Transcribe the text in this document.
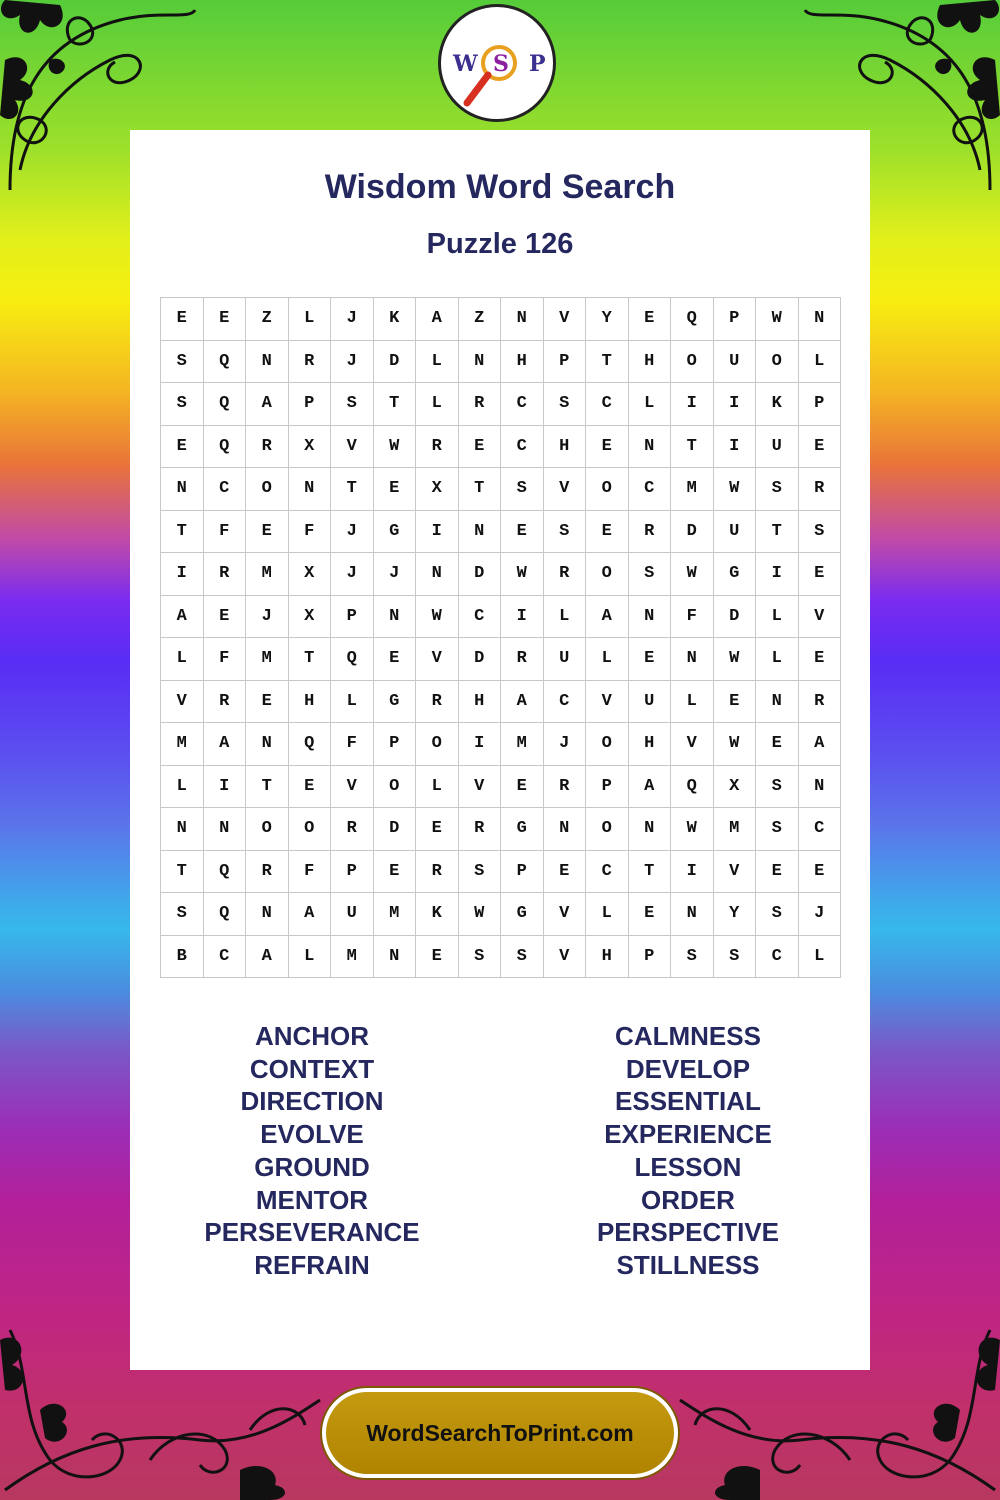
W S P
Wisdom Word Search
Puzzle 126
E	E	Z	L	J	K	A	Z	N	V	Y	E	Q	P	W	N
S	Q	N	R	J	D	L	N	H	P	T	H	O	U	O	L
S	Q	A	P	S	T	L	R	C	S	C	L	I	I	K	P
E	Q	R	X	V	W	R	E	C	H	E	N	T	I	U	E
N	C	O	N	T	E	X	T	S	V	O	C	M	W	S	R
T	F	E	F	J	G	I	N	E	S	E	R	D	U	T	S
I	R	M	X	J	J	N	D	W	R	O	S	W	G	I	E
A	E	J	X	P	N	W	C	I	L	A	N	F	D	L	V
L	F	M	T	Q	E	V	D	R	U	L	E	N	W	L	E
V	R	E	H	L	G	R	H	A	C	V	U	L	E	N	R
M	A	N	Q	F	P	O	I	M	J	O	H	V	W	E	A
L	I	T	E	V	O	L	V	E	R	P	A	Q	X	S	N
N	N	O	O	R	D	E	R	G	N	O	N	W	M	S	C
T	Q	R	F	P	E	R	S	P	E	C	T	I	V	E	E
S	Q	N	A	U	M	K	W	G	V	L	E	N	Y	S	J
B	C	A	L	M	N	E	S	S	V	H	P	S	S	C	L
ANCHOR
CONTEXT
DIRECTION
EVOLVE
GROUND
MENTOR
PERSEVERANCE
REFRAIN
CALMNESS
DEVELOP
ESSENTIAL
EXPERIENCE
LESSON
ORDER
PERSPECTIVE
STILLNESS
WordSearchToPrint.com
